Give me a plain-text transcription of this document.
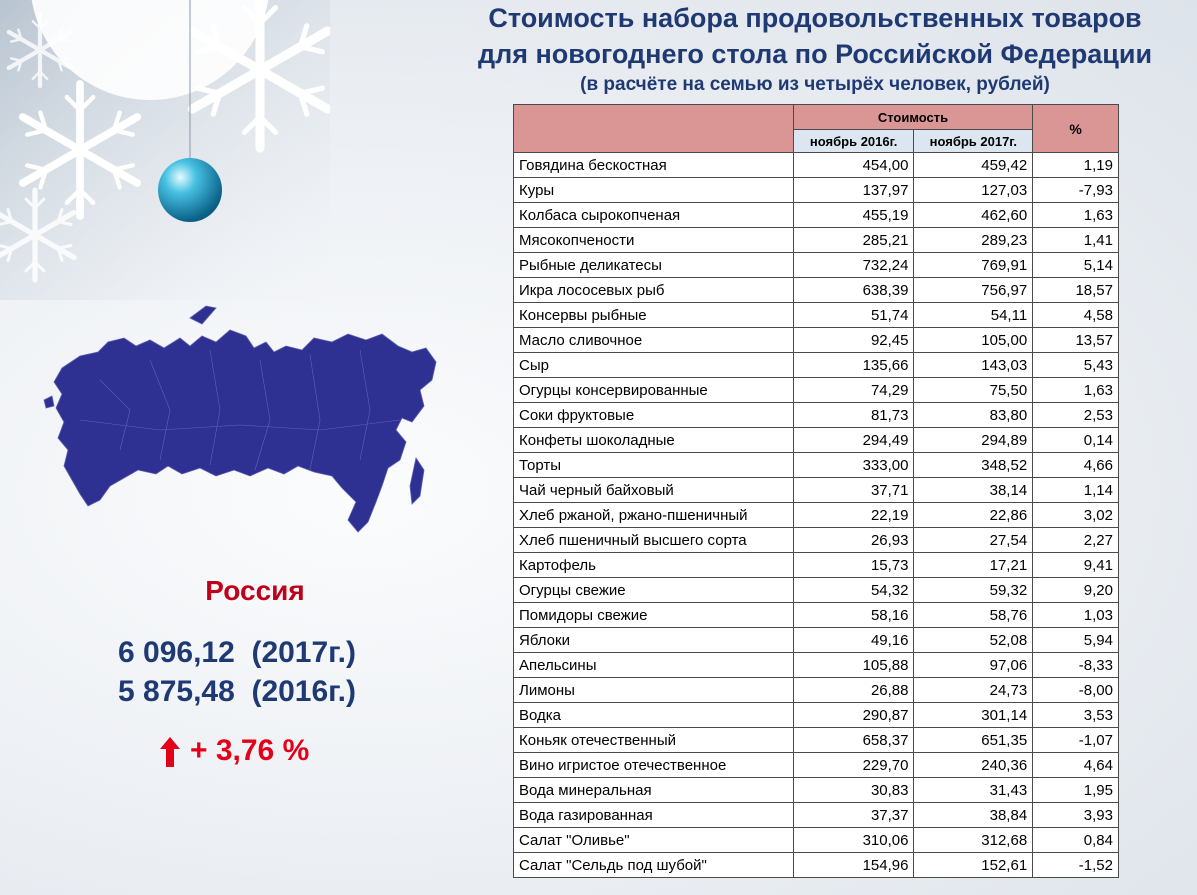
Стоимость набора продовольственных товаров
для новогоднего стола по Российской Федерации
(в расчёте на семью из четырёх человек, рублей)
Россия
6 096,12  (2017г.)
5 875,48  (2016г.)
+ 3,76 %
	Стоимость		%
	ноябрь 2016г.	ноябрь 2017г.	
Говядина бескостная	454,00	459,42	1,19
Куры	137,97	127,03	-7,93
Колбаса сырокопченая	455,19	462,60	1,63
Мясокопчености	285,21	289,23	1,41
Рыбные деликатесы	732,24	769,91	5,14
Икра лососевых рыб	638,39	756,97	18,57
Консервы рыбные	51,74	54,11	4,58
Масло сливочное	92,45	105,00	13,57
Сыр	135,66	143,03	5,43
Огурцы консервированные	74,29	75,50	1,63
Соки фруктовые	81,73	83,80	2,53
Конфеты шоколадные	294,49	294,89	0,14
Торты	333,00	348,52	4,66
Чай черный байховый	37,71	38,14	1,14
Хлеб ржаной, ржано-пшеничный	22,19	22,86	3,02
Хлеб пшеничный высшего сорта	26,93	27,54	2,27
Картофель	15,73	17,21	9,41
Огурцы свежие	54,32	59,32	9,20
Помидоры свежие	58,16	58,76	1,03
Яблоки	49,16	52,08	5,94
Апельсины	105,88	97,06	-8,33
Лимоны	26,88	24,73	-8,00
Водка	290,87	301,14	3,53
Коньяк отечественный	658,37	651,35	-1,07
Вино игристое отечественное	229,70	240,36	4,64
Вода минеральная	30,83	31,43	1,95
Вода газированная	37,37	38,84	3,93
Салат "Оливье"	310,06	312,68	0,84
Салат "Сельдь под шубой"	154,96	152,61	-1,52
